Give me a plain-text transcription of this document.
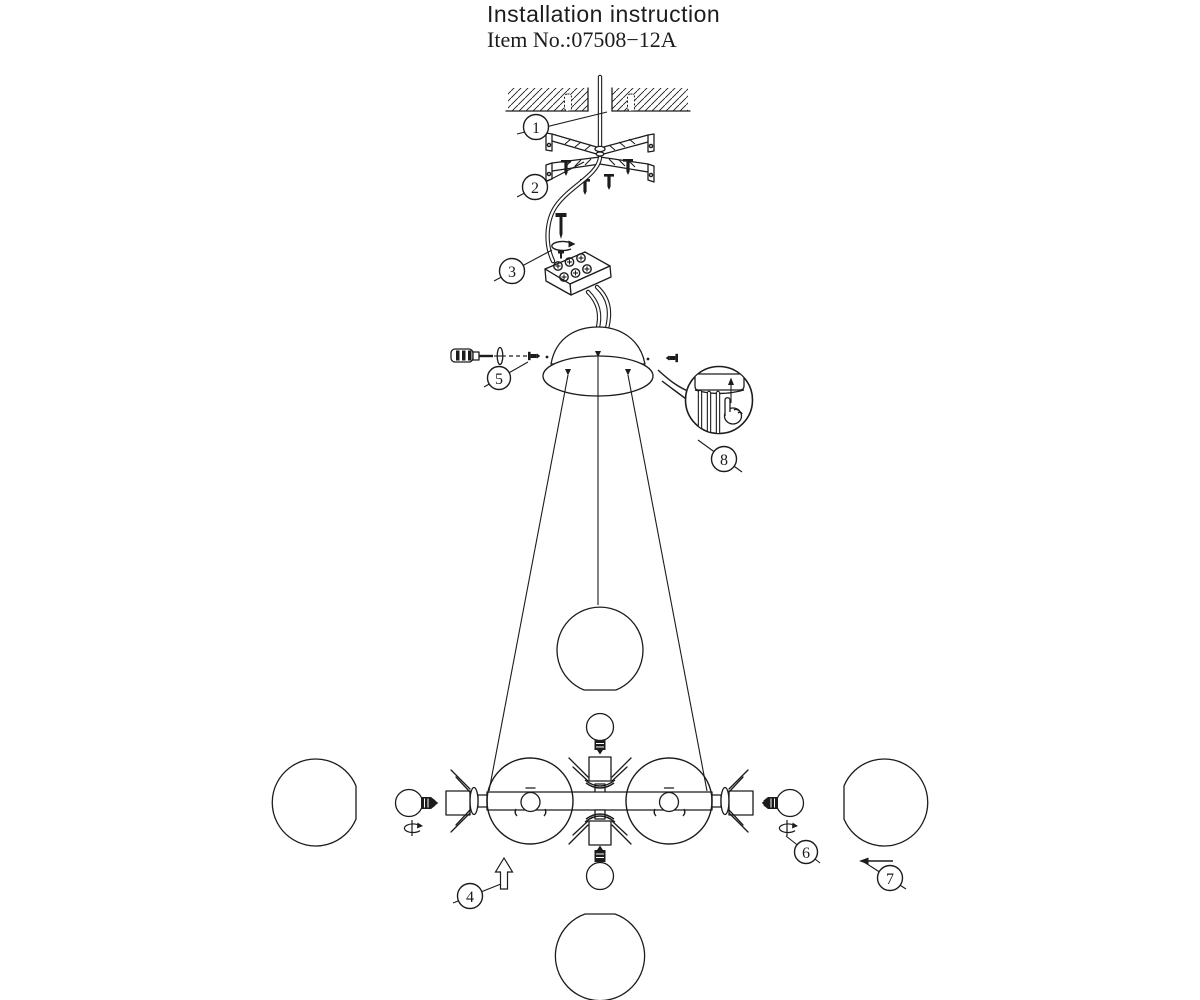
Installation instruction
Item No.:07508−12A
1
2
3
4
5
6
7
8
